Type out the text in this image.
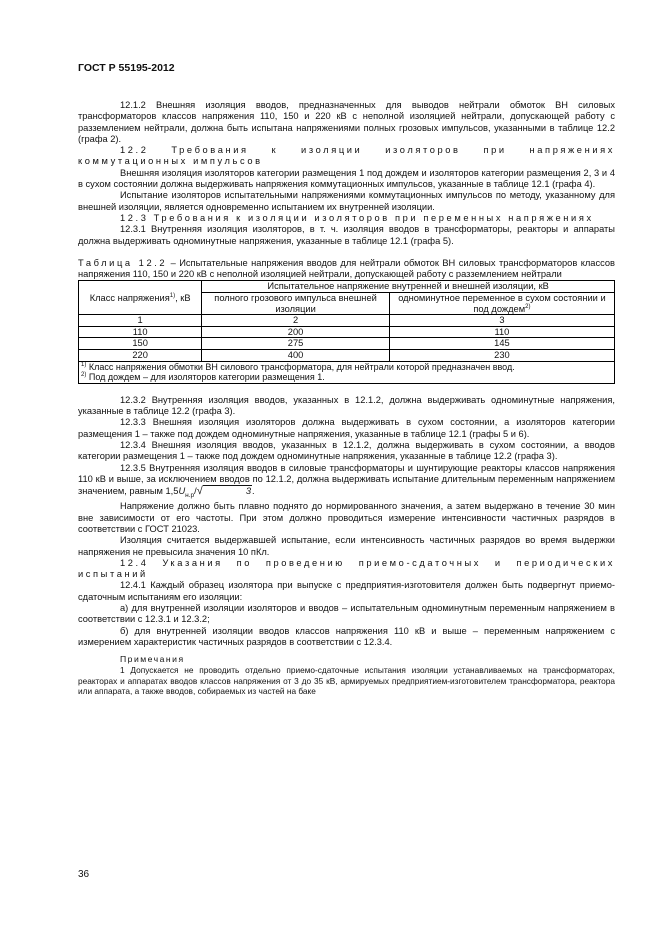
ГОСТ Р 55195-2012

12.1.2 Внешняя изоляция вводов, предназначенных для выводов нейтрали обмоток ВН силовых трансформаторов классов напряжения 110, 150 и 220 кВ с неполной изоляцией нейтрали, допускающей работу с разземлением нейтрали, должна быть испытана напряжениями полных грозовых импульсов, указанными в таблице 12.2 (графа 2).

12.2 Требования к изоляции изоляторов при напряжениях коммутационных импульсов

Внешняя изоляция изоляторов категории размещения 1 под дождем и изоляторов категории размещения 2, 3 и 4 в сухом состоянии должна выдерживать напряжения коммутационных импульсов, указанные в таблице 12.1 (графа 4).

Испытание изоляторов испытательными напряжениями коммутационных импульсов по методу, указанному для внешней изоляции, является одновременно испытанием их внутренней изоляции.

12.3 Требования к изоляции изоляторов при переменных напряжениях

12.3.1 Внутренняя изоляция изоляторов, в т. ч. изоляция вводов в трансформаторы, реакторы и аппараты должна выдерживать одноминутные напряжения, указанные в таблице 12.1 (графа 5).

Таблица 12.2 – Испытательные напряжения вводов для нейтрали обмоток ВН силовых трансформаторов классов напряжения 110, 150 и 220 кВ с неполной изоляцией нейтрали, допускающей работу с разземлением нейтрали

Класс напряжения$^{1)}$, кВ	Испытательное напряжение внутренней и внешней изоляции, кВ	
	полного грозового импульса внешней изоляции	одноминутное переменное в сухом состоянии и под дождем$^{2)}$
1	2	3
110	200	110
150	275	145
220	400	230

$^{1)}$ Класс напряжения обмотки ВН силового трансформатора, для нейтрали которой предназначен ввод.
$^{2)}$ Под дождем – для изоляторов категории размещения 1.		

12.3.2 Внутренняя изоляция вводов, указанных в 12.1.2, должна выдерживать одноминутные напряжения, указанные в таблице 12.2 (графа 3).

12.3.3 Внешняя изоляция изоляторов должна выдерживать в сухом состоянии, а изоляторов категории размещения 1 – также под дождем одноминутные напряжения, указанные в таблице 12.1 (графы 5 и 6).

12.3.4 Внешняя изоляция вводов, указанных в 12.1.2, должна выдерживать в сухом состоянии, а вводов категории размещения 1 – также под дождем одноминутные напряжения, указанные в таблице 12.2 (графа 3).

12.3.5 Внутренняя изоляция вводов в силовые трансформаторы и шунтирующие реакторы классов напряжения 110 кВ и выше, за исключением вводов по 12.1.2, должна выдерживать испытание длительным переменным напряжением значением, равным $1,5U_{н.р}/√$	3.

Напряжение должно быть плавно поднято до нормированного значения, а затем выдержано в течение 30 мин вне зависимости от его частоты. При этом должно проводиться измерение интенсивности частичных разрядов в соответствии с ГОСТ 21023.

Изоляция считается выдержавшей испытание, если интенсивность частичных разрядов во время выдержки напряжения не превысила значения 10 пКл.

12.4 Указания по проведению приемо-сдаточных и периодических испытаний

12.4.1 Каждый образец изолятора при выпуске с предприятия-изготовителя должен быть подвергнут приемо-сдаточным испытаниям его изоляции:

а) для внутренней изоляции изоляторов и вводов – испытательным одноминутным переменным напряжением в соответствии с 12.3.1 и 12.3.2;

б) для внутренней изоляции вводов классов напряжения 110 кВ и выше – переменным напряжением с измерением характеристик частичных разрядов в соответствии с 12.3.4.

Примечания

1 Допускается не проводить отдельно приемо-сдаточные испытания изоляции устанавливаемых на трансформаторах, реакторах и аппаратах вводов классов напряжения от 3 до 35 кВ, армируемых предприятием-изготовителем трансформатора, реактора или аппарата, а также вводов, собираемых из частей на баке

36
